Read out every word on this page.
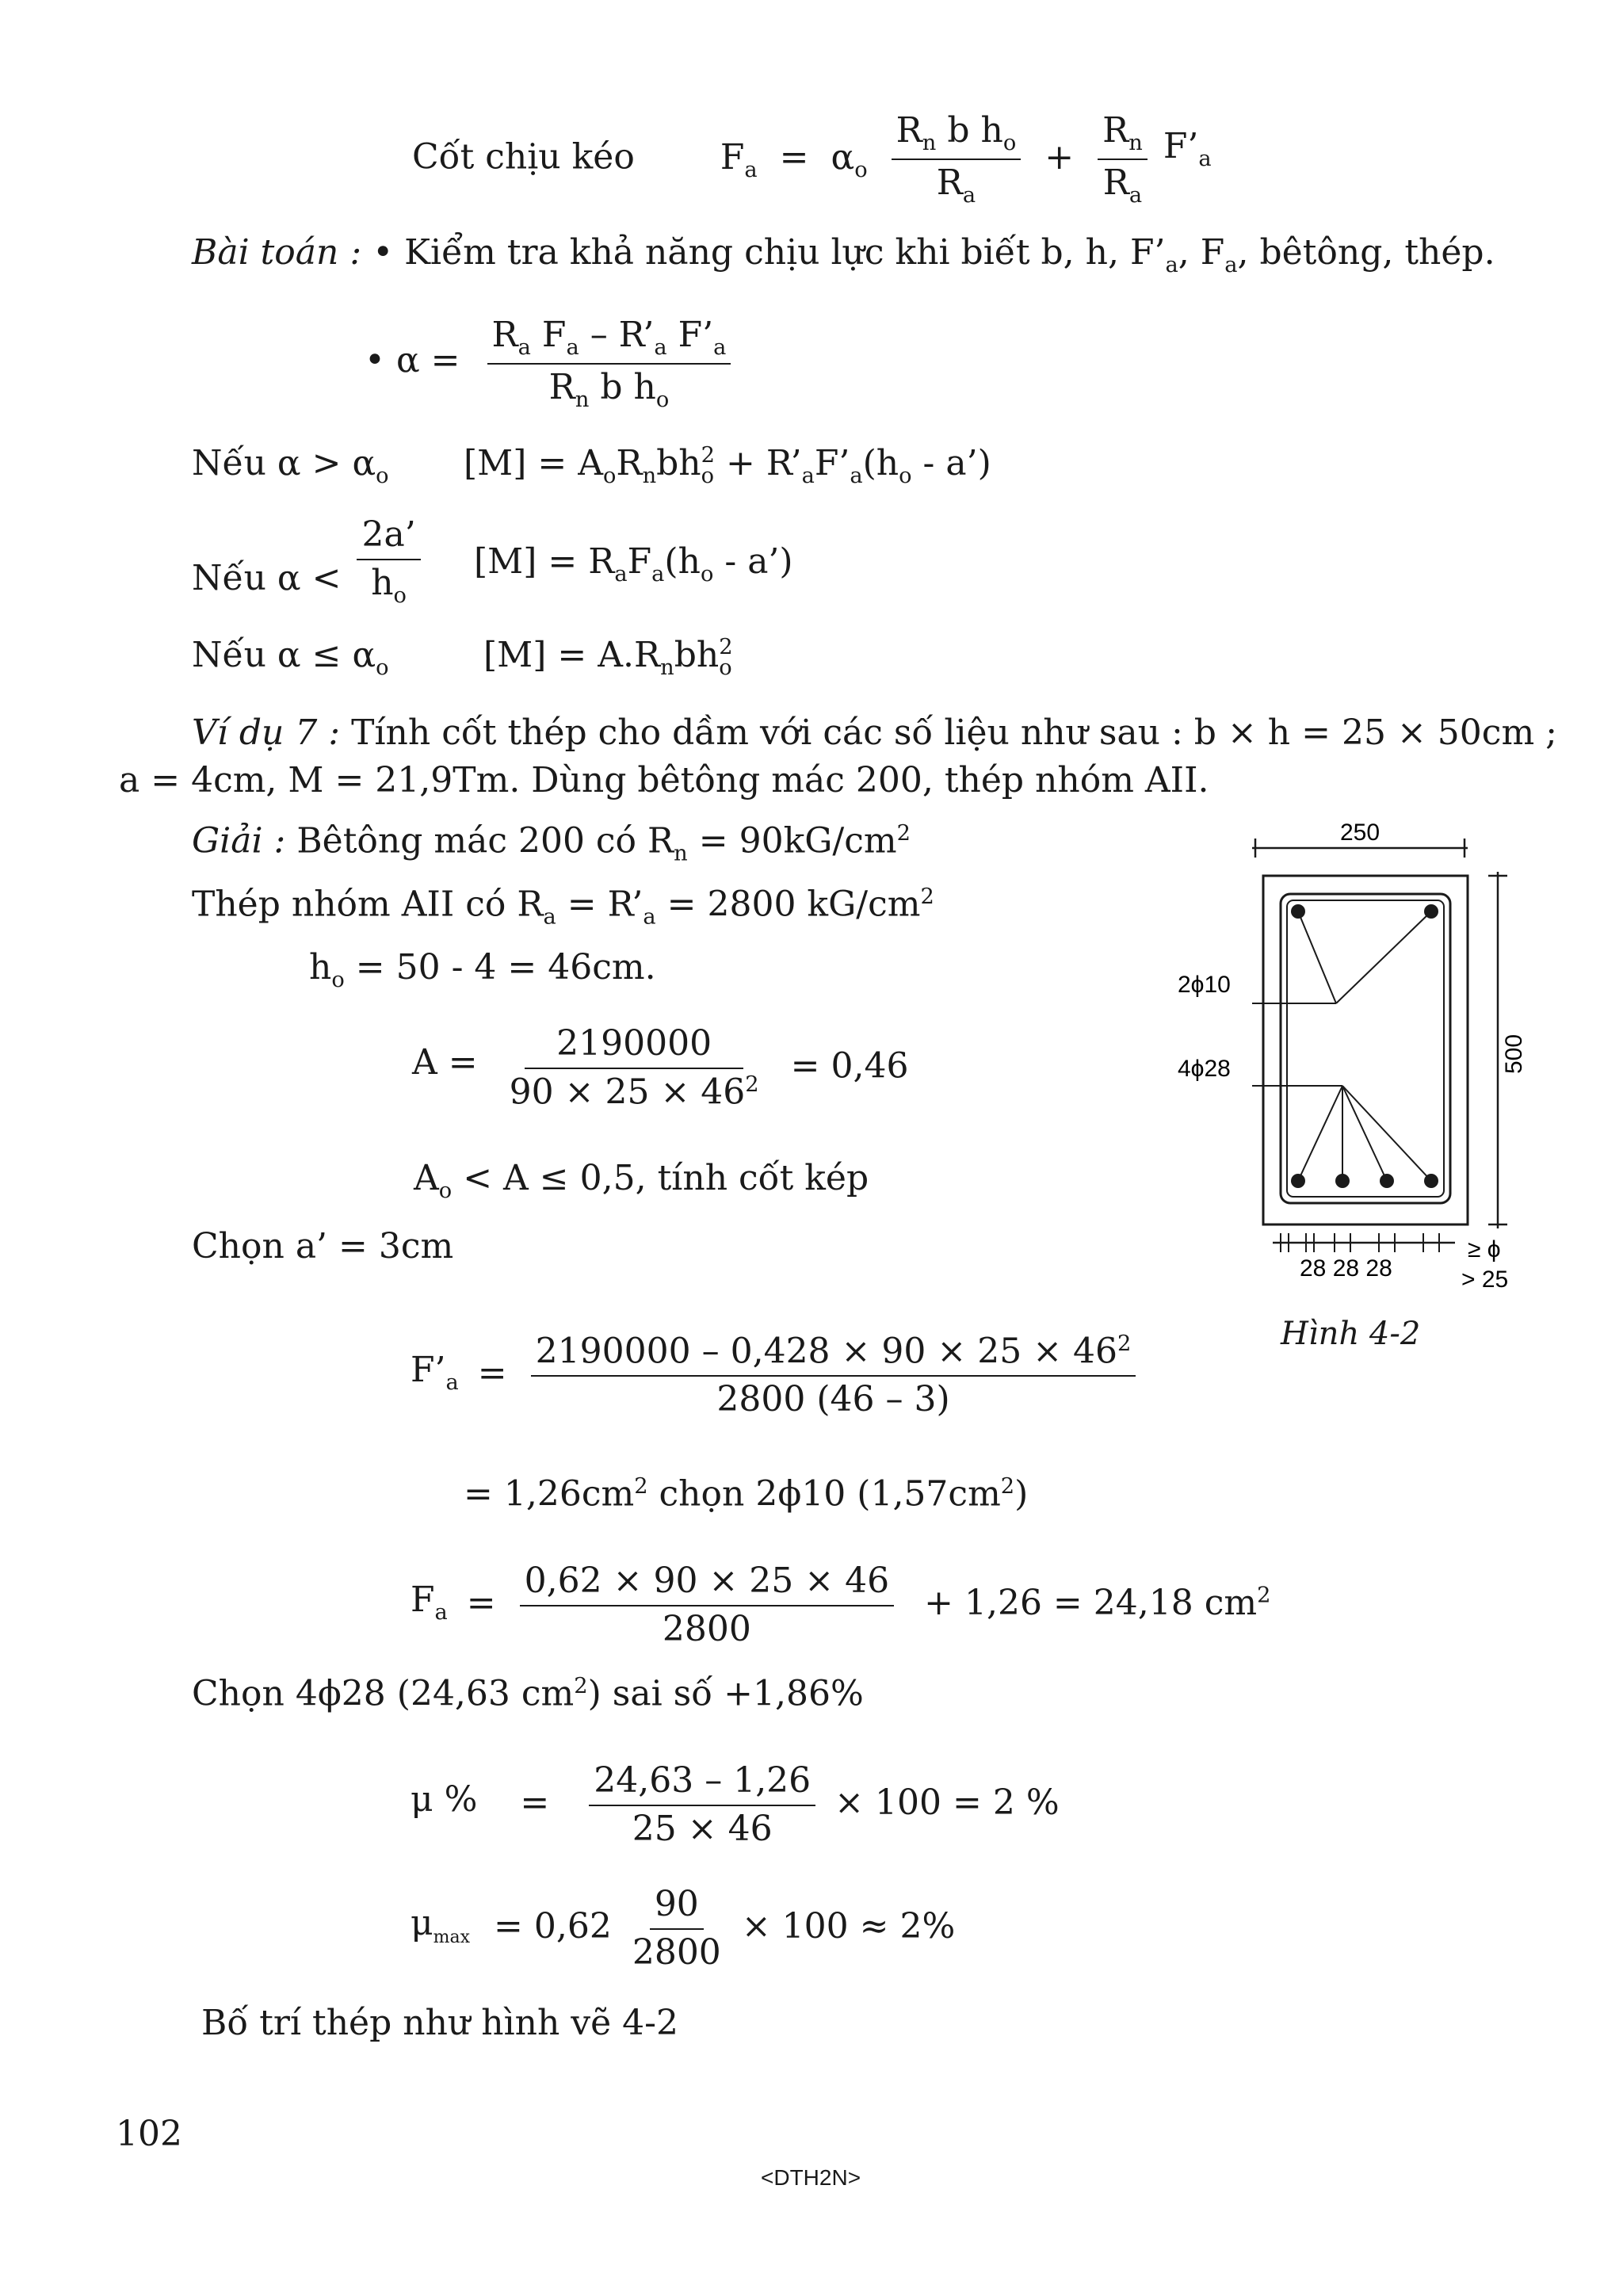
Cốt chịu kéo $F_a = \alpha_o \frac{R_n b h_o}{R_a} + \frac{R_n}{R_a}$ $F’_a$
Bài toán : • Kiểm tra khả năng chịu lực khi biết b, h, $F’_a$, $F_a$, bêtông, thép.
• $\alpha = \frac{R_a F_a - R’_a F’_a}{R_n b h_o}$
Nếu $\alpha > \alpha_o$ $[M] = A_oR_nbh$ 2
$o + R’_aF’_a(h_o$ - a’)
Nếu $\alpha < \frac{2a’}{h_o} [M] = R_aF_a(h_o$ - a’)
Nếu $\alpha \le \alpha_o$	$[M] = A.R_nbh$ 2
o
Ví dụ 7 : Tính cốt thép cho dầm với các số liệu như sau : b × h = 25 × 50cm ;
a = 4cm, M = 21,9Tm. Dùng bêtông mác 200, thép nhóm AII.
Giải : Bêtông mác 200 có $R_n = 90kG/cm^2$
Thép nhóm AII có $R_a$ = $R’_a = 2800$ $kG/cm^2$
$h_o = 50 - 4 = 46cm$.
$A = \frac{2190000}{90 \times 25 \times 46^2} = 0,46$
$A_o < A \le 0,5$, tính cốt kép
Chọn a’ = 3cm
$F’_a = \frac{2190000 - 0,428 \times 90 \times 25 \times 46^2}{2800 (46 - 3)}$
= $1,26cm^2$ chọn 2ϕ10 $(1,57cm^2)$
$F_a = \frac{0,62 \times 90 \times 25 \times 46}{2800} + 1,26 = 24,18$ $cm^2$
Chọn 4ϕ28 (24,63 $cm^2$) sai số +1,86%
μ % = $\frac{24,63 - 1,26}{25 \times 46} \times 100 = 2$ %
$\mu_{max} = 0,62 \frac{90}{2800} \times 100 \approx 2\%$
Bố trí thép như hình vẽ 4-2
102
<DTH2N>
250
500
2ϕ10
4ϕ28
28 28 28
≥ ϕ
> 25
Hình 4-2
